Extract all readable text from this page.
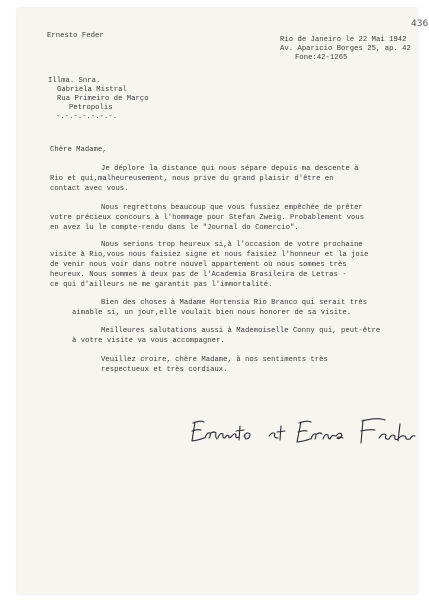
436
Ernesto Feder	Rio de Janeiro le 22 Mai 1942
Av. Aparicio Borges 25, ap. 42
Fone:42-1265
Illma. Snra.
Gabriela Mistral
Rua Primeiro de Março
Petropolis
-.-.-.-.-.-.-.
Chère Madame,
Je déplore la distance qui nous sépare depuis ma descente à
Rio et qui,malheureusement, nous prive du grand plaisir d'être en
contact avec vous.
Nous regrettons beaucoup que vous fussiez empêchée de prêter
votre précieux concours à l'hommage pour Stefan Zweig. Probablement vous
en avez lu le compte-rendu dans le "Journal do Comercio".
Nous serions trop heureux si,à l'occasion de votre prochaine
visite à Rio,vous nous faisiez signe et nous faisiez l'honneur et la joie
de venir nous voir dans notre nouvel appartement où nous sommes très
heureux. Nous sommes à deux pas de l'Academia Brasileira de Letras -
ce qui d'ailleurs ne me garantit pas l'immortalité.
Bien des choses à Madame Hortensia Rio Branco qui serait très
aimable si, un jour,elle voulait bien nous honorer de sa visite.
Meilleures salutations aussi à Mademoiselle Conny qui, peut-être
à votre visite va vous accompagner.
Veuillez croire, chère Madame, à nos sentiments très
respectueux et très cordiaux.
